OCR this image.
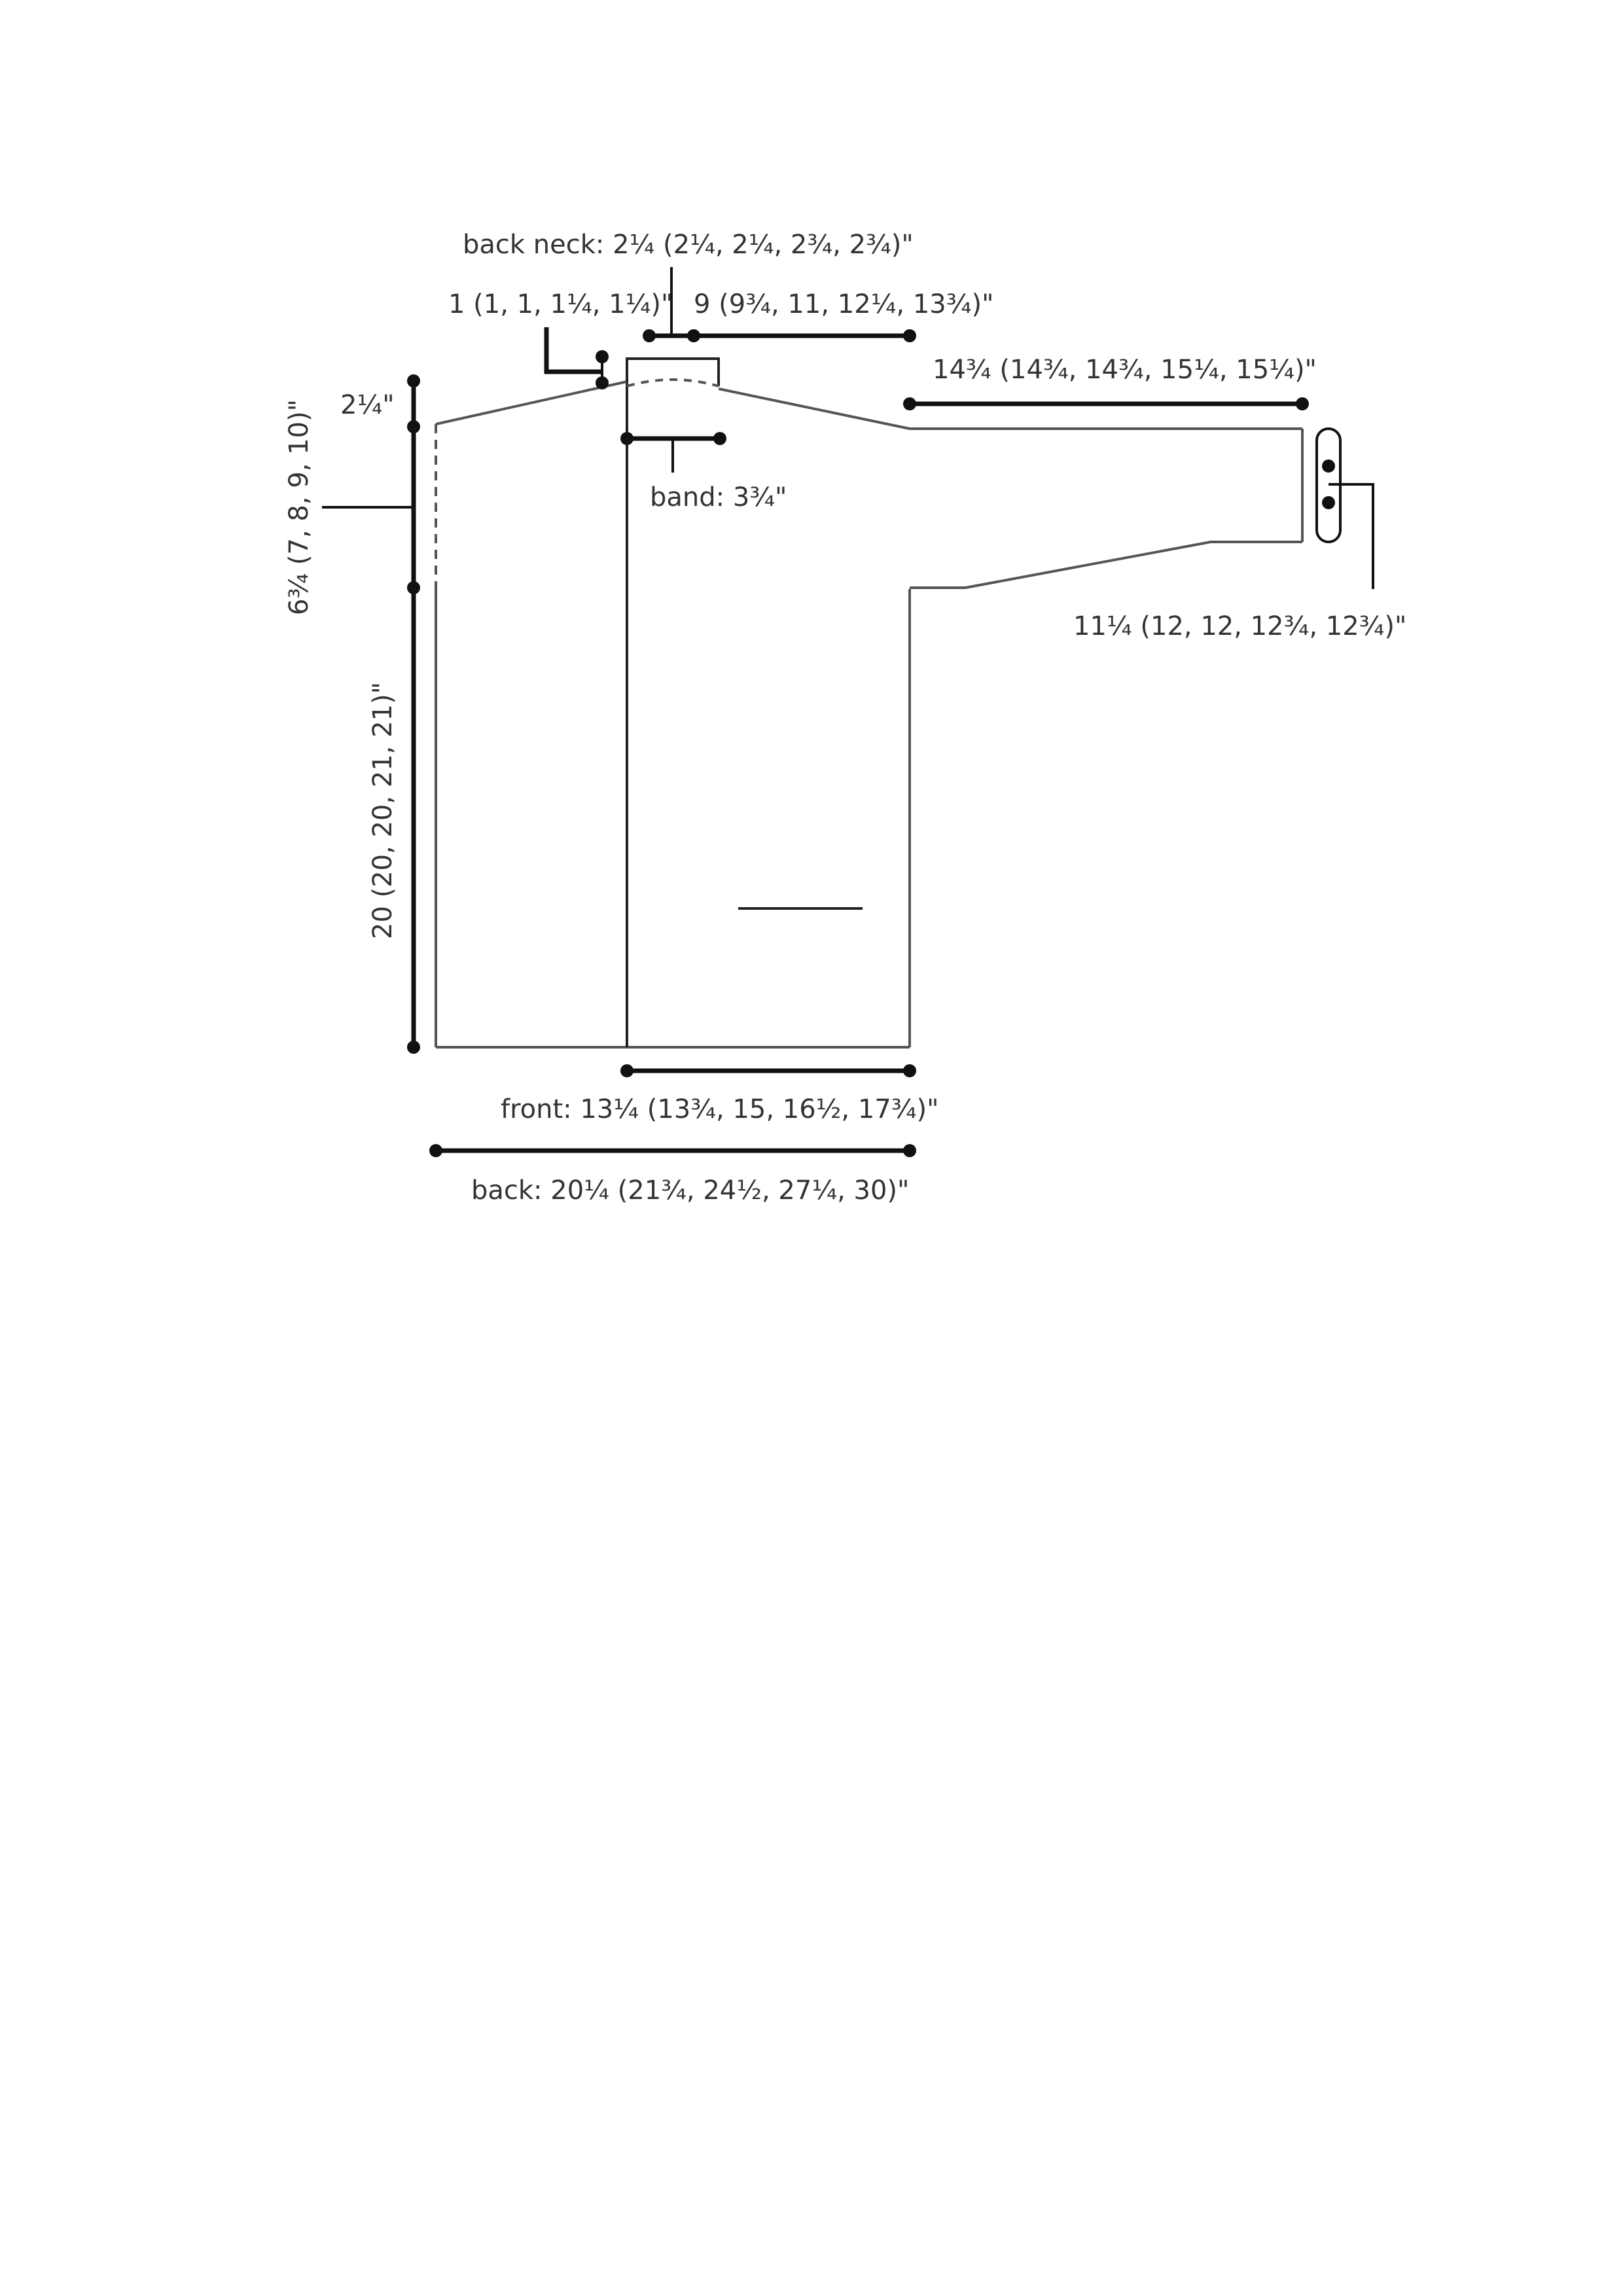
back neck: 2¼ (2¼, 2¼, 2¾, 2¾)"
1 (1, 1, 1¼, 1¼)" 9 (9¾, 11, 12¼, 13¾)"
14¾ (14¾, 14¾, 15¼, 15¼)"
2¼"
band: 3¾"
11¼ (12, 12, 12¾, 12¾)"
front: 13¼ (13¾, 15, 16½, 17¾)"
back: 20¼ (21¾, 24½, 27¼, 30)"
6¾ (7, 8, 9, 10)"
20 (20, 20, 21, 21)"
